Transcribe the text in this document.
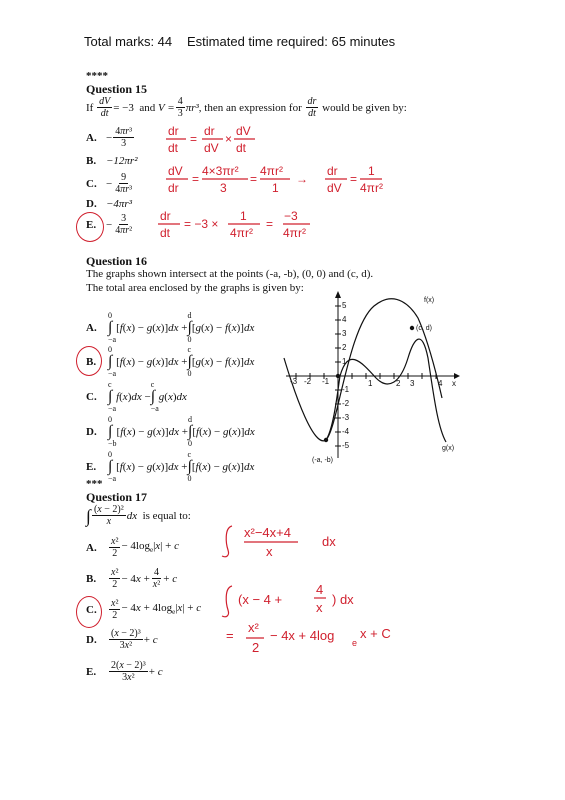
Total marks: 44 Estimated time required: 65 minutes
****
Question 15
If
$\frac{dV}{dt} = -3$
and
$V = \frac{4}{3} \pi r^3$ , then an expression for
$\frac{dr}{dt}$
would be given by:
A. − $\frac{\text{4πr³}}{3}$
B. −12πr²
C. − $\frac{9}{\text{4πr³}}$
D. −4πr³
E. − $\frac{3}{\text{4πr²}}$
dr
dt
=
dr
dV
×
dV
dt
dV
dr
=
4×3πr²
3
=
4πr²
1
→
dr
dV
=
1
4πr²
dr
dt
= −3 ×
1
4πr²
=
−3
4πr²
Question 16
The graphs shown intersect at the points (-a, -b), (0, 0) and (c, d).
The total area enclosed by the graphs is given by:
A.
0

∫
−a
[f(x) − g(x)]dx +
d

∫
0
[g(x) − f(x)]dx
B.
0

∫
−a
[f(x) − g(x)]dx +
c

∫
0
[g(x) − f(x)]dx
C.
c

∫
−a
f(x)dx −
c

∫
−a
g(x)dx
D.
0

∫
−b
[f(x) − g(x)]dx +
d

∫
0
[f(x) − g(x)]dx
E.
0

∫
−a
[f(x) − g(x)]dx +
c

∫
0
[f(x) − g(x)]dx
-3 -2 -1	1	2 3	4 x
5
4
3
2
1
-1
-2
-3
-4
-5
f(x)
(c, d)
(-a, -b)
g(x)
***
Question 17
∫ $\frac{\text{(x − 2)²}}{x}$ dx is equal to:
A.	$\frac{\text{x²}}{2} - 4\log_e|x| + c$
B.	$\frac{\text{x²}}{2} - 4x + \frac{4}{\text{x²}} + c$
C.	$\frac{\text{x²}}{2} - 4x + 4\log_e|x| + c$
D.	$\frac{\text{(x − 2)³}}{\text{3x²}} + c$
E.	$\frac{\text{2(x − 2)³}}{\text{3x²}} + c$
x²−4x+4
x
dx
(x − 4 +
4
x
) dx
=
x²
2
− 4x + 4log e
x + C
